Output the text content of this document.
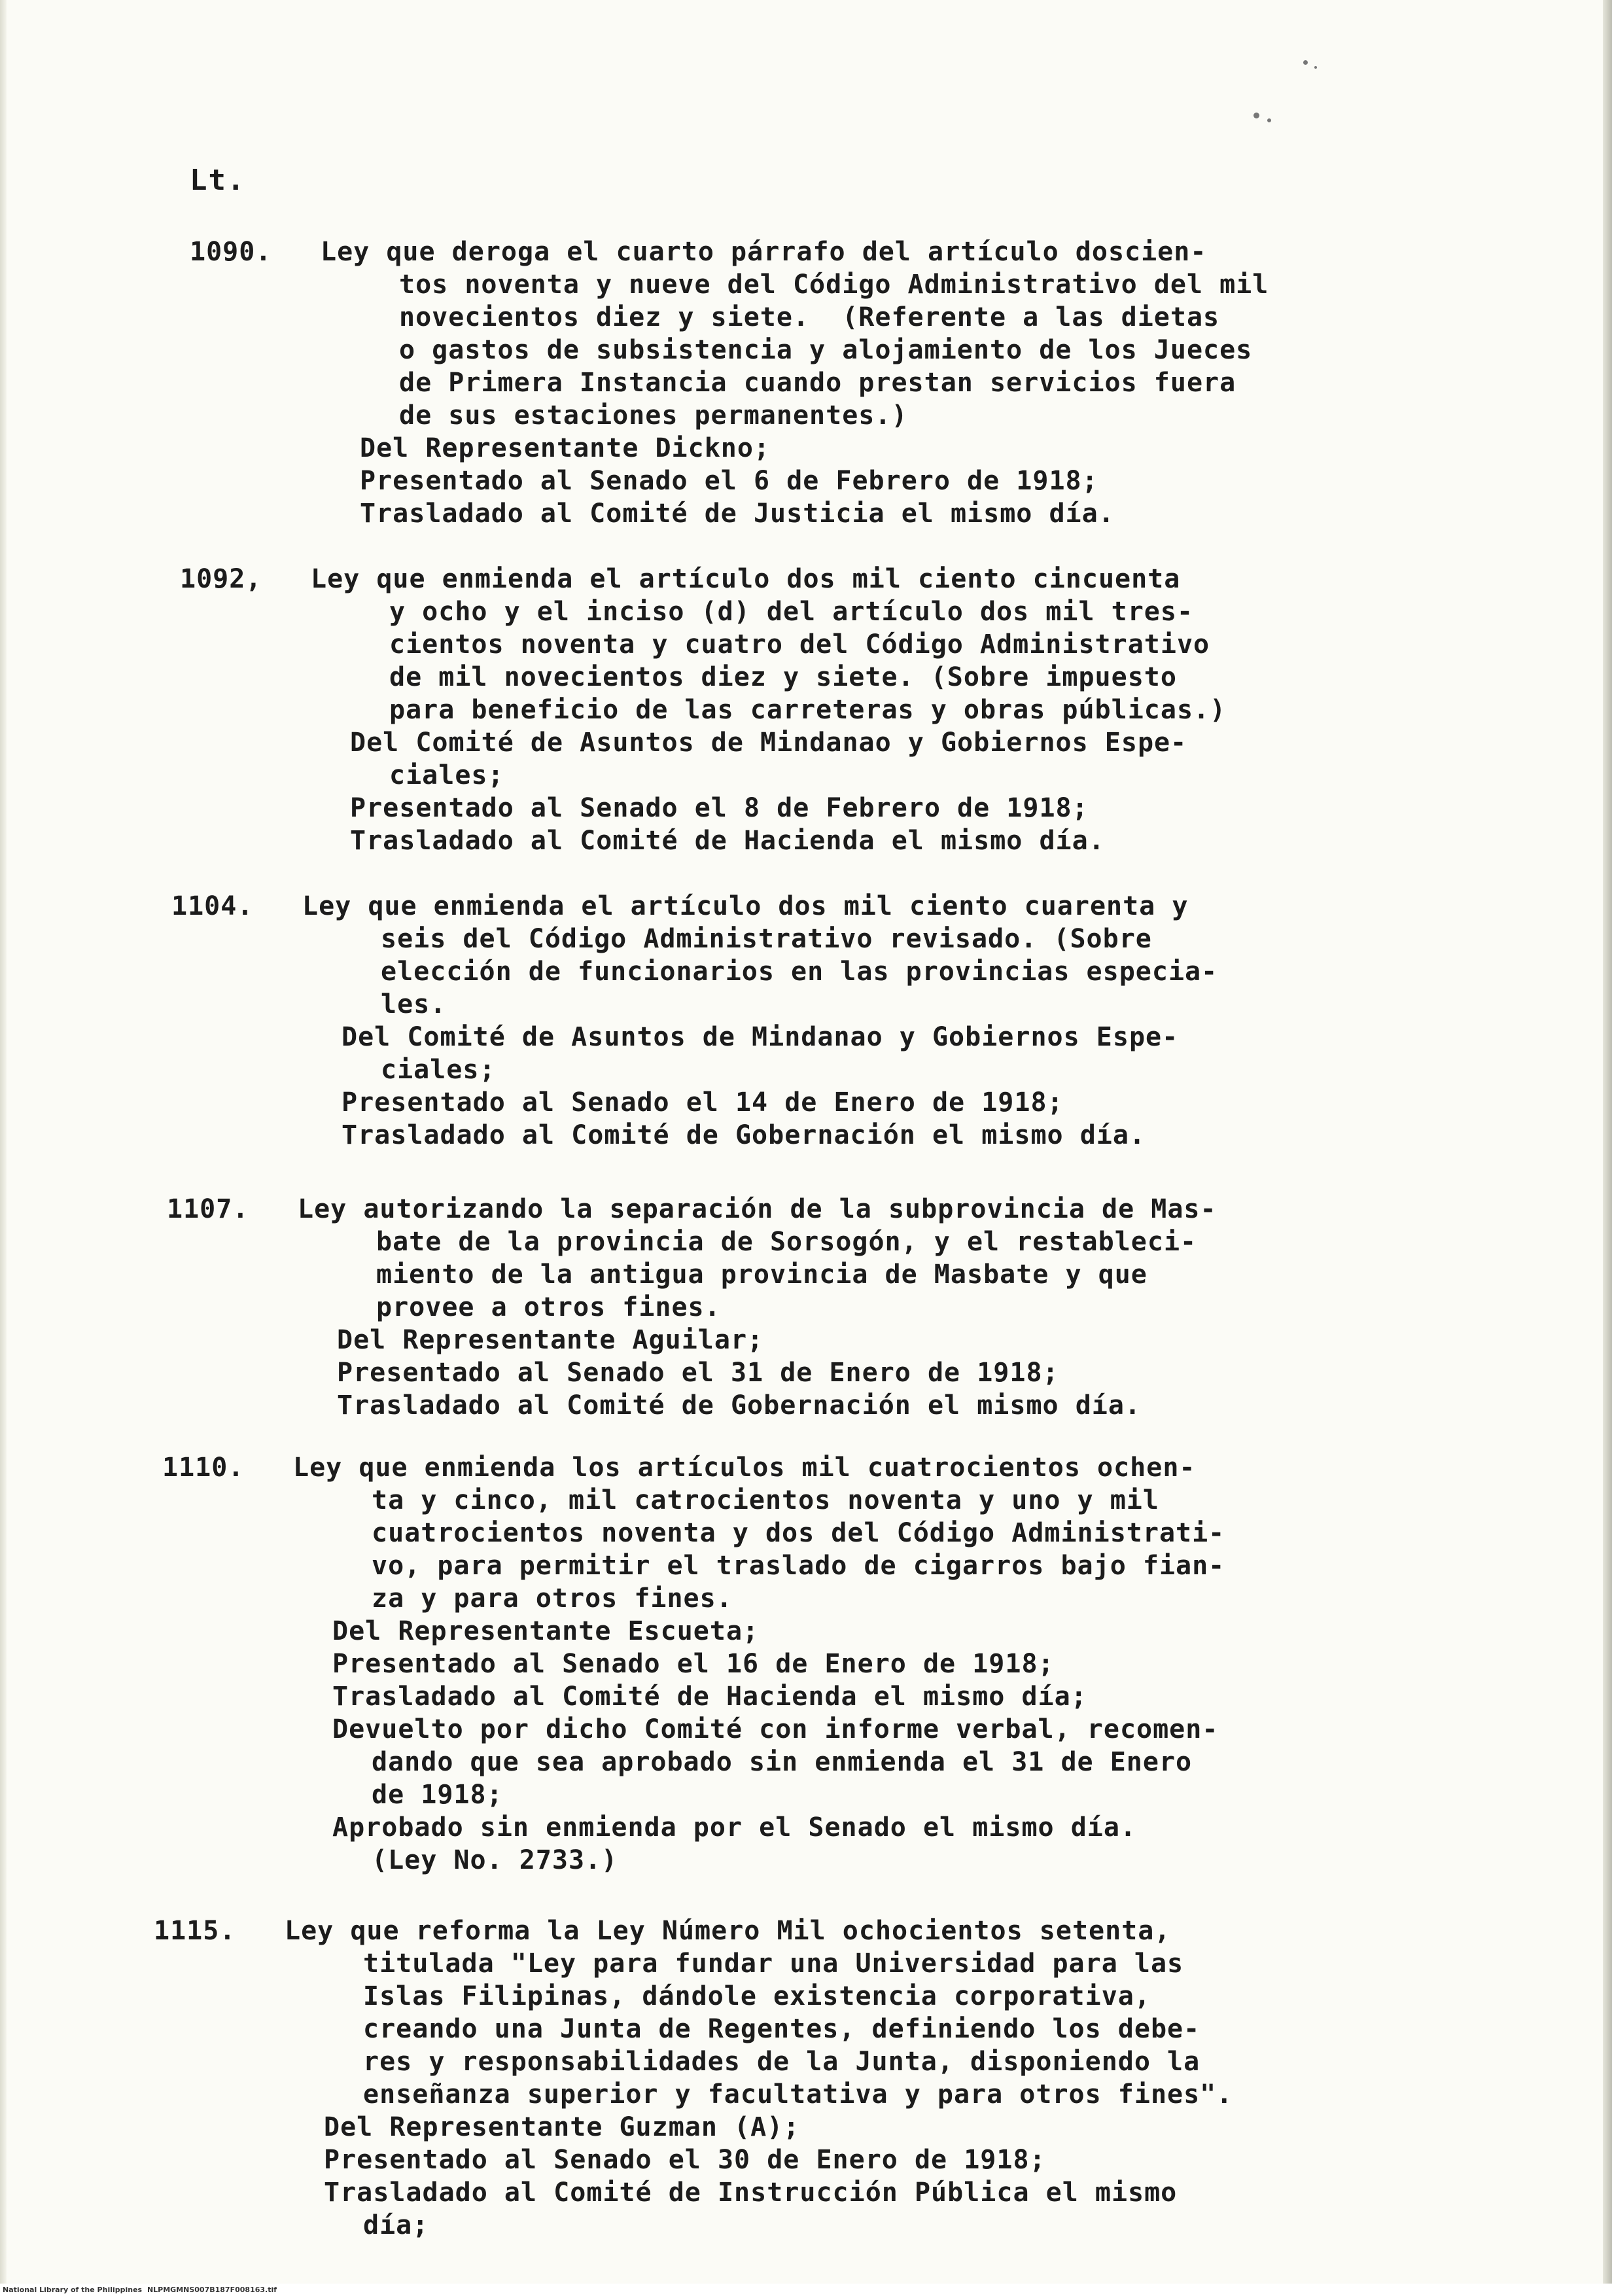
Lt.
1090.	Ley que deroga el cuarto párrafo del artículo doscien-
tos noventa y nueve del Código Administrativo del mil
novecientos diez y siete.  (Referente a las dietas
o gastos de subsistencia y alojamiento de los Jueces
de Primera Instancia cuando prestan servicios fuera
de sus estaciones permanentes.)
Del Representante Dickno;
Presentado al Senado el 6 de Febrero de 1918;
Trasladado al Comité de Justicia el mismo día.
1092,	Ley que enmienda el artículo dos mil ciento cincuenta
y ocho y el inciso (d) del artículo dos mil tres-
cientos noventa y cuatro del Código Administrativo
de mil novecientos diez y siete. (Sobre impuesto
para beneficio de las carreteras y obras públicas.)
Del Comité de Asuntos de Mindanao y Gobiernos Espe-
ciales;
Presentado al Senado el 8 de Febrero de 1918;
Trasladado al Comité de Hacienda el mismo día.
1104.	Ley que enmienda el artículo dos mil ciento cuarenta y
seis del Código Administrativo revisado. (Sobre
elección de funcionarios en las provincias especia-
les.
Del Comité de Asuntos de Mindanao y Gobiernos Espe-
ciales;
Presentado al Senado el 14 de Enero de 1918;
Trasladado al Comité de Gobernación el mismo día.
1107.	Ley autorizando la separación de la subprovincia de Mas-
bate de la provincia de Sorsogón, y el restableci-
miento de la antigua provincia de Masbate y que
provee a otros fines.
Del Representante Aguilar;
Presentado al Senado el 31 de Enero de 1918;
Trasladado al Comité de Gobernación el mismo día.
1110.	Ley que enmienda los artículos mil cuatrocientos ochen-
ta y cinco, mil catrocientos noventa y uno y mil
cuatrocientos noventa y dos del Código Administrati-
vo, para permitir el traslado de cigarros bajo fian-
za y para otros fines.
Del Representante Escueta;
Presentado al Senado el 16 de Enero de 1918;
Trasladado al Comité de Hacienda el mismo día;
Devuelto por dicho Comité con informe verbal, recomen-
dando que sea aprobado sin enmienda el 31 de Enero
de 1918;
Aprobado sin enmienda por el Senado el mismo día.
(Ley No. 2733.)
1115.	Ley que reforma la Ley Número Mil ochocientos setenta,
titulada "Ley para fundar una Universidad para las
Islas Filipinas, dándole existencia corporativa,
creando una Junta de Regentes, definiendo los debe-
res y responsabilidades de la Junta, disponiendo la
enseñanza superior y facultativa y para otros fines".
Del Representante Guzman (A);
Presentado al Senado el 30 de Enero de 1918;
Trasladado al Comité de Instrucción Pública el mismo
día;
National Library of the Philippines NLPMGMNS007B187F008163.tif
